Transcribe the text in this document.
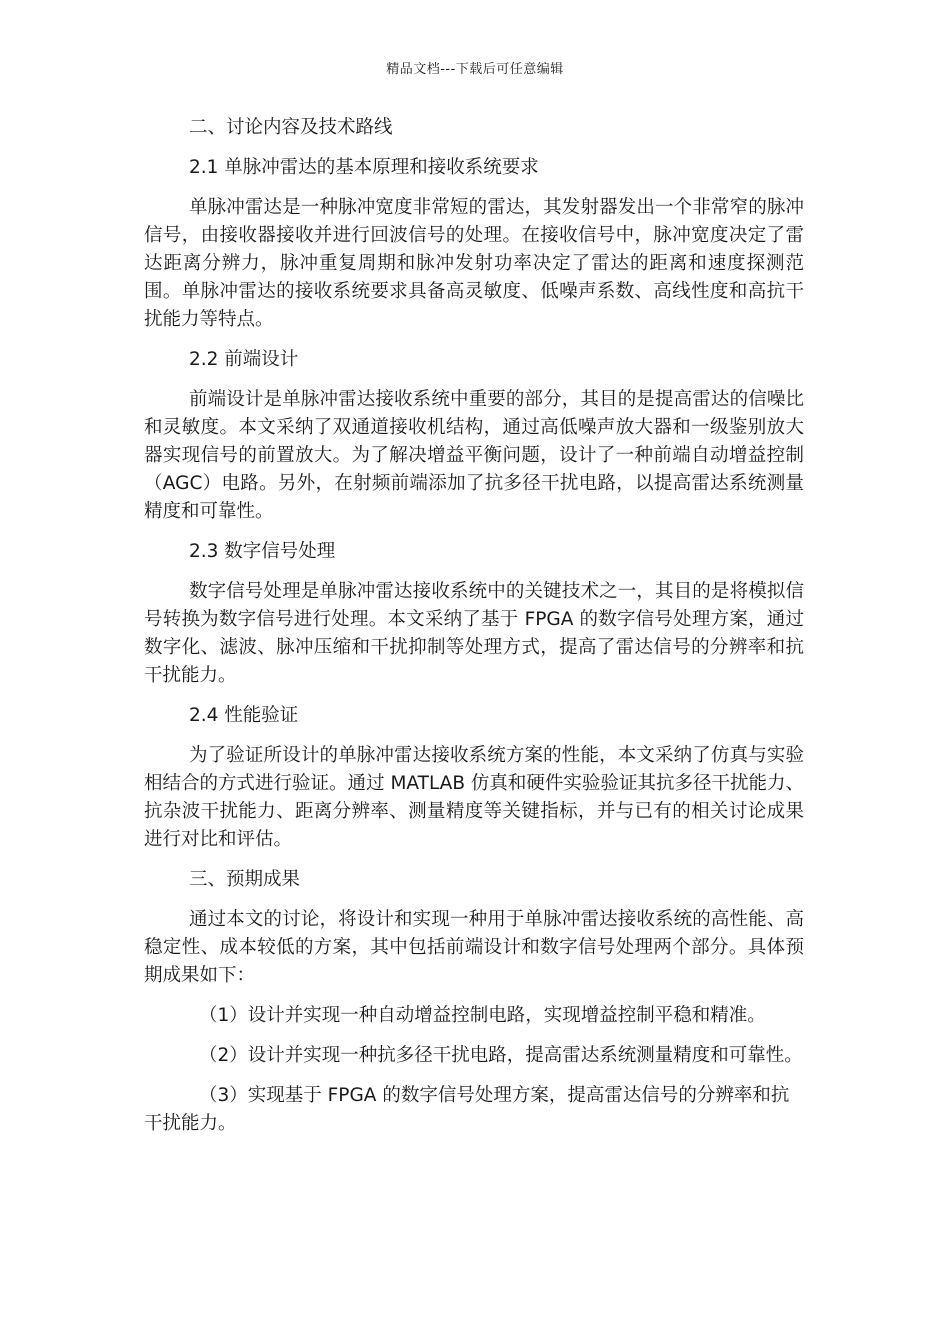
精品文档---下载后可任意编辑
二、讨论内容及技术路线
2.1 单脉冲雷达的基本原理和接收系统要求
单脉冲雷达是一种脉冲宽度非常短的雷达，其发射器发出一个非常窄的脉冲信号，由接收器接收并进行回波信号的处理。在接收信号中，脉冲宽度决定了雷达距离分辨力，脉冲重复周期和脉冲发射功率决定了雷达的距离和速度探测范围。单脉冲雷达的接收系统要求具备高灵敏度、低噪声系数、高线性度和高抗干扰能力等特点。
2.2 前端设计
前端设计是单脉冲雷达接收系统中重要的部分，其目的是提高雷达的信噪比和灵敏度。本文采纳了双通道接收机结构，通过高低噪声放大器和一级鉴别放大器实现信号的前置放大。为了解决增益平衡问题，设计了一种前端自动增益控制（AGC）电路。另外，在射频前端添加了抗多径干扰电路，以提高雷达系统测量精度和可靠性。
2.3 数字信号处理
数字信号处理是单脉冲雷达接收系统中的关键技术之一，其目的是将模拟信号转换为数字信号进行处理。本文采纳了基于 FPGA 的数字信号处理方案，通过数字化、滤波、脉冲压缩和干扰抑制等处理方式，提高了雷达信号的分辨率和抗干扰能力。
2.4 性能验证
为了验证所设计的单脉冲雷达接收系统方案的性能，本文采纳了仿真与实验相结合的方式进行验证。通过 MATLAB 仿真和硬件实验验证其抗多径干扰能力、抗杂波干扰能力、距离分辨率、测量精度等关键指标，并与已有的相关讨论成果进行对比和评估。
三、预期成果
通过本文的讨论，将设计和实现一种用于单脉冲雷达接收系统的高性能、高稳定性、成本较低的方案，其中包括前端设计和数字信号处理两个部分。具体预期成果如下：
（1）设计并实现一种自动增益控制电路，实现增益控制平稳和精准。
（2）设计并实现一种抗多径干扰电路，提高雷达系统测量精度和可靠性。
（3）实现基于 FPGA 的数字信号处理方案，提高雷达信号的分辨率和抗干扰能力。
